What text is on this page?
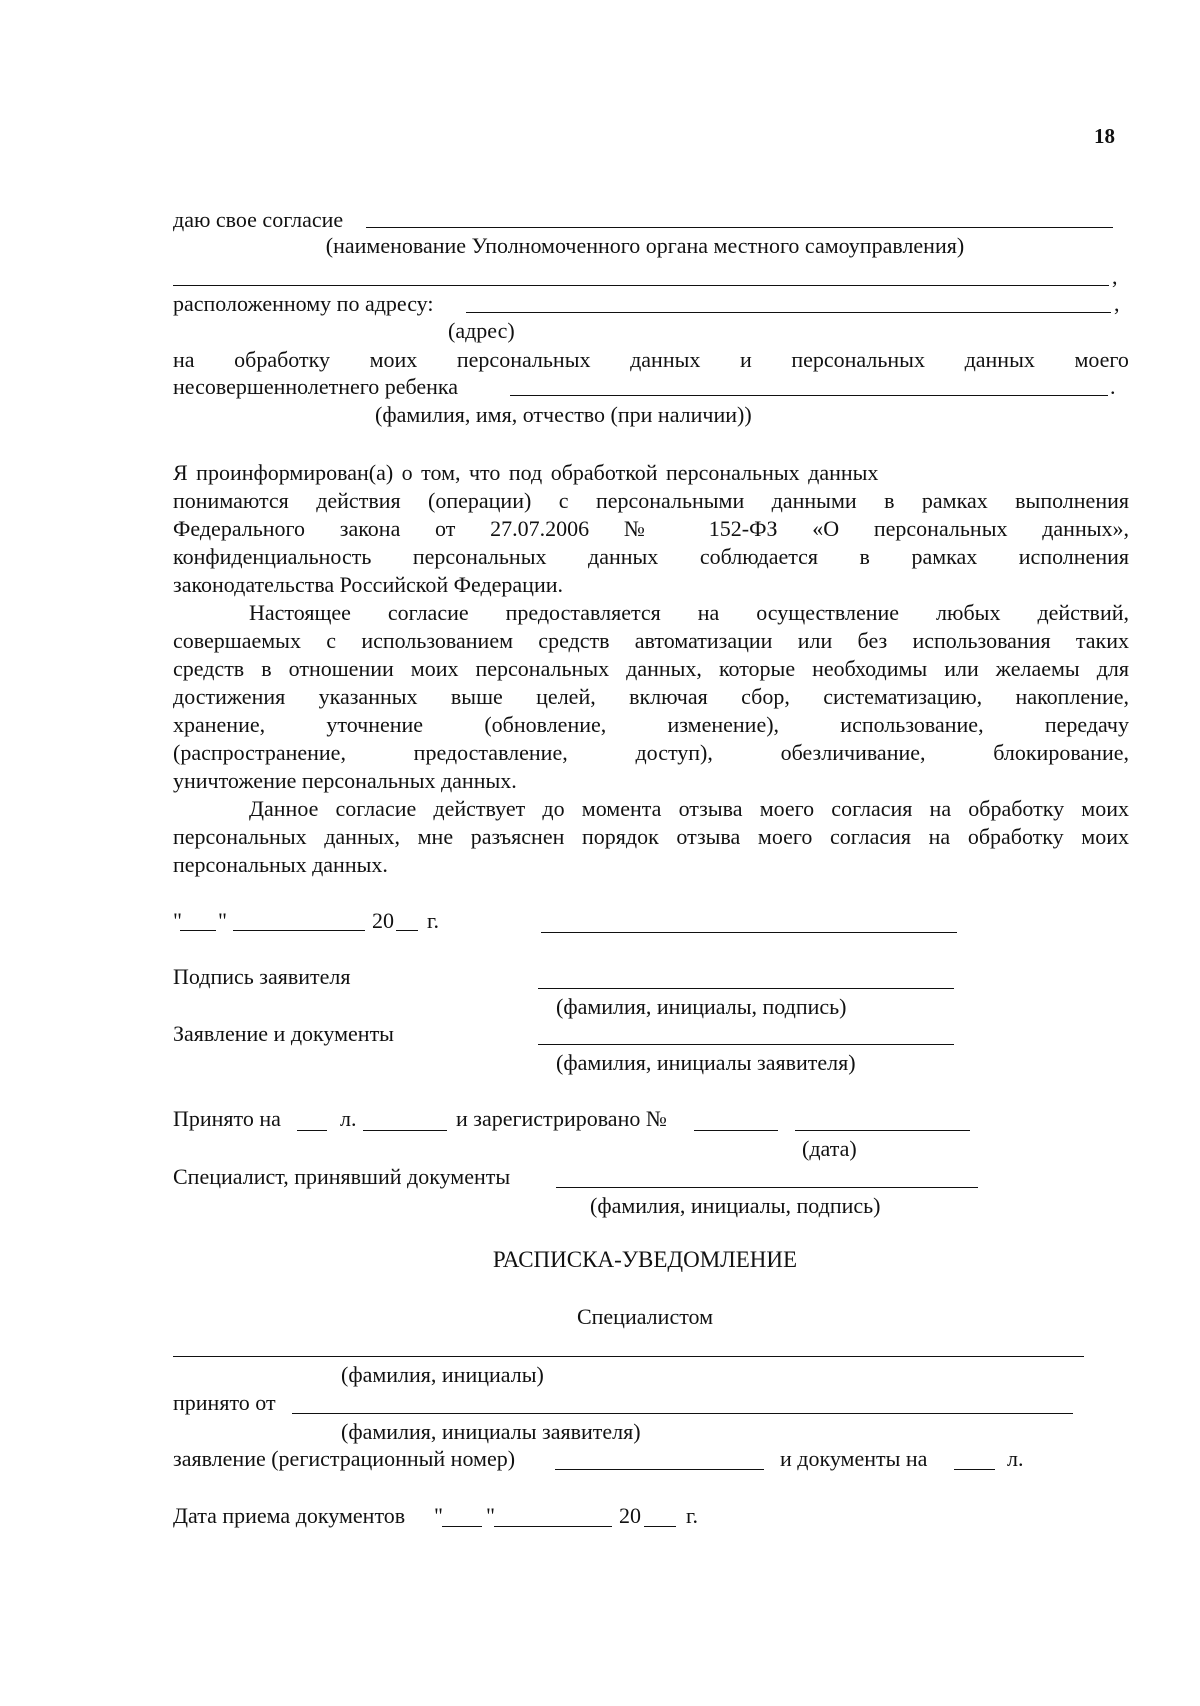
18
даю свое согласие
(наименование Уполномоченного органа местного самоуправления)
,
расположенному по адресу:	,
(адрес)
на обработку моих персональных данных и персональных данных моего
несовершеннолетнего ребенка	.
(фамилия, имя, отчество (при наличии))
Я проинформирован(а) о том, что под обработкой персональных данных
понимаются действия (операции) с персональными данными в рамках выполнения
Федерального закона от 27.07.2006 № 152-ФЗ «О персональных данных»,
конфиденциальность персональных данных соблюдается в рамках исполнения
законодательства Российской Федерации.
Настоящее согласие предоставляется на осуществление любых действий,
совершаемых с использованием средств автоматизации или без использования таких
средств в отношении моих персональных данных, которые необходимы или желаемы для
достижения указанных выше целей, включая сбор, систематизацию, накопление,
хранение, уточнение (обновление, изменение), использование, передачу
(распространение, предоставление, доступ), обезличивание, блокирование,
уничтожение персональных данных.
Данное согласие действует до момента отзыва моего согласия на обработку моих
персональных данных, мне разъяснен порядок отзыва моего согласия на обработку моих
персональных данных.
" "	20 г.
Подпись заявителя
(фамилия, инициалы, подпись)
Заявление и документы
(фамилия, инициалы заявителя)
Принято на	л.	и зарегистрировано №
(дата)
Специалист, принявший документы
(фамилия, инициалы, подпись)
РАСПИСКА-УВЕДОМЛЕНИЕ
Специалистом
(фамилия, инициалы)
принято от
(фамилия, инициалы заявителя)
заявление (регистрационный номер)	и документы на	л.
Дата приема документов " "	20 г.
